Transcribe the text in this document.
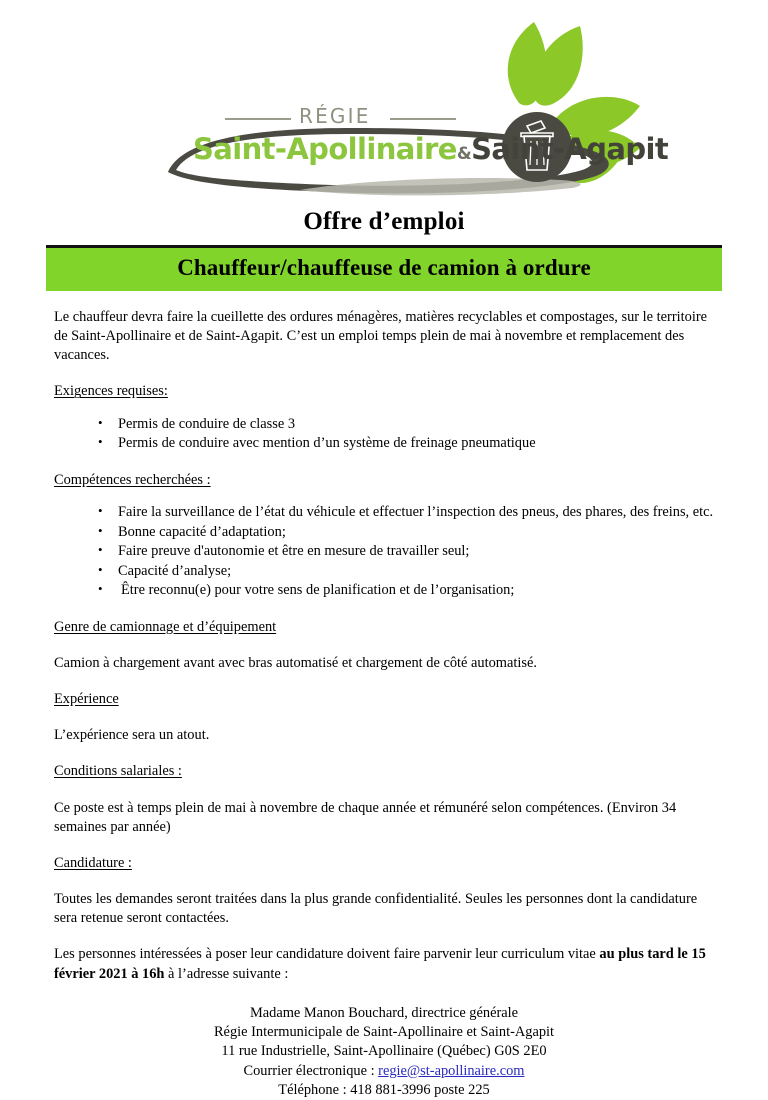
RÉGIE
Saint-Apollinaire&Saint-Agapit
Offre d’emploi
Chauffeur/chauffeuse de camion à ordure

Le chauffeur devra faire la cueillette des ordures ménagères, matières recyclables et compostages, sur le territoire de Saint-Apollinaire et de Saint-Agapit. C’est un emploi temps plein de mai à novembre et remplacement des vacances.

Exigences requises:

• Permis de conduire de classe 3
• Permis de conduire avec mention d’un système de freinage pneumatique

Compétences recherchées :

• Faire la surveillance de l’état du véhicule et effectuer l’inspection des pneus, des phares, des freins, etc.
• Bonne capacité d’adaptation;
• Faire preuve d'autonomie et être en mesure de travailler seul;
• Capacité d’analyse;
• Être reconnu(e) pour votre sens de planification et de l’organisation;

Genre de camionnage et d’équipement

Camion à chargement avant avec bras automatisé et chargement de côté automatisé.

Expérience

L’expérience sera un atout.

Conditions salariales :

Ce poste est à temps plein de mai à novembre de chaque année et rémunéré selon compétences. (Environ 34 semaines par année)

Candidature :

Toutes les demandes seront traitées dans la plus grande confidentialité. Seules les personnes dont la candidature sera retenue seront contactées.

Les personnes intéressées à poser leur candidature doivent faire parvenir leur curriculum vitae au plus tard le 15 février 2021 à 16h à l’adresse suivante :

Madame Manon Bouchard, directrice générale
Régie Intermunicipale de Saint-Apollinaire et Saint-Agapit
11 rue Industrielle, Saint-Apollinaire (Québec) G0S 2E0
Courrier électronique : regie@st-apollinaire.com
Téléphone : 418 881-3996 poste 225
